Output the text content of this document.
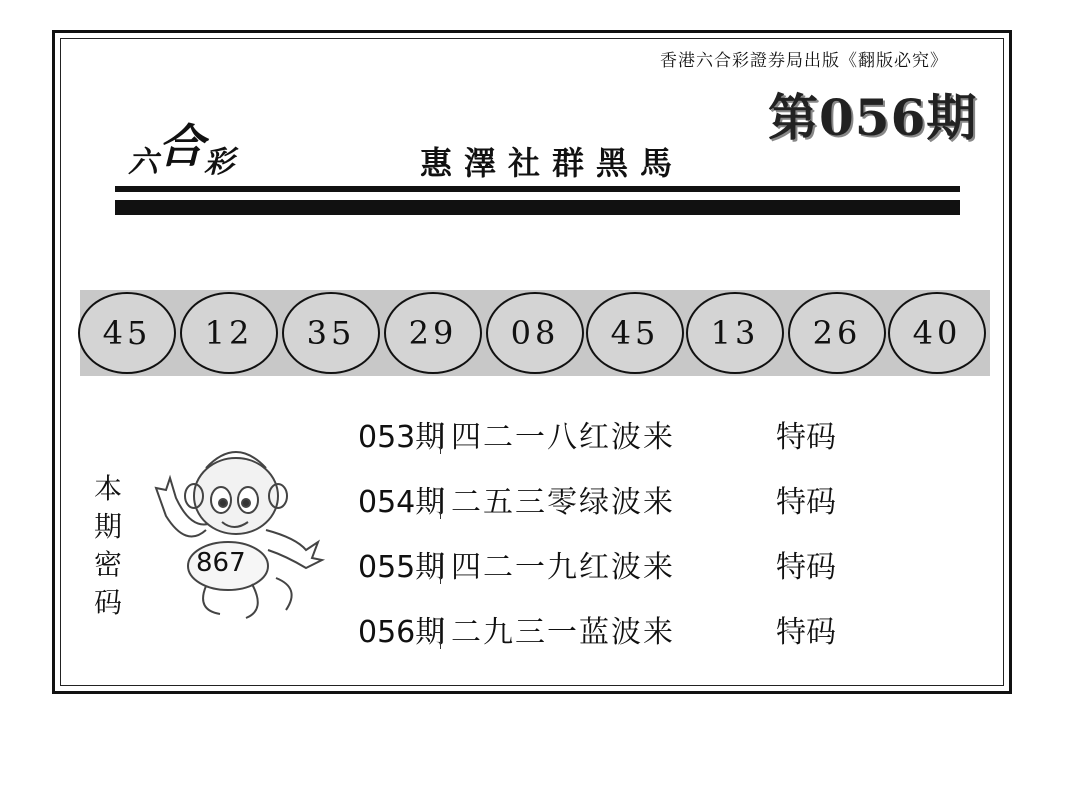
香港六合彩證券局出版《翻版必究》
第056期
六合彩	惠澤社群黑馬
45	12	35	29	08	45	13	26	40
053期 四二一八红波来	特码
054期 二五三零绿波来	特码
055期 四二一九红波来	特码
056期 二九三一蓝波来	特码
本期密码
867
